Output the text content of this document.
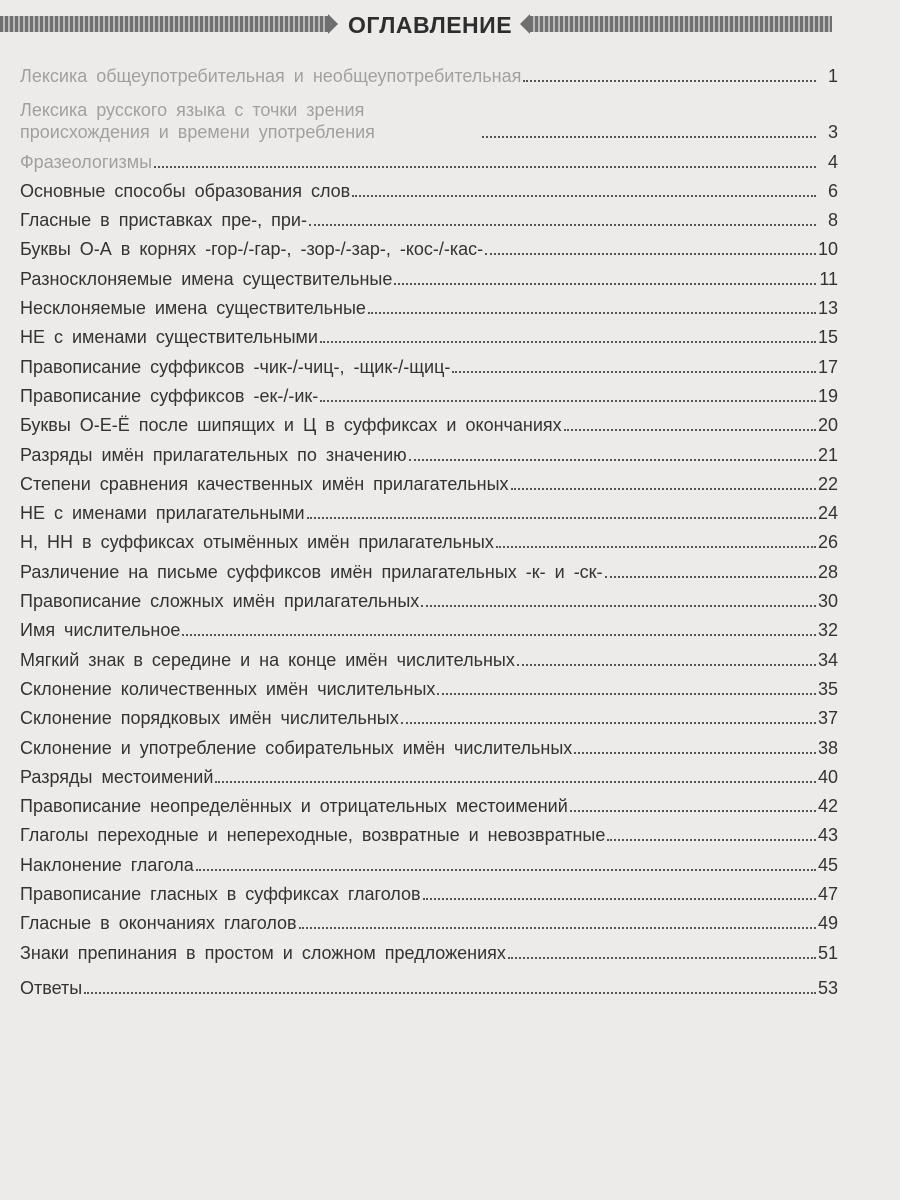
ОГЛАВЛЕНИЕ
Лексика общеупотребительная и необщеупотребительная	1
Лексика русского языка с точки зрения происхождения и времени употребления	3
Фразеологизмы	4
Основные способы образования слов	6
Гласные в приставках пре-, при-	8
Буквы О-А в корнях -гор-/-гар-, -зор-/-зар-, -кос-/-кас-	10
Разносклоняемые имена существительные	11
Несклоняемые имена существительные	13
НЕ с именами существительными	15
Правописание суффиксов -чик-/-чиц-, -щик-/-щиц-	17
Правописание суффиксов -ек-/-ик-	19
Буквы О-Е-Ё после шипящих и Ц в суффиксах и окончаниях	20
Разряды имён прилагательных по значению	21
Степени сравнения качественных имён прилагательных	22
НЕ с именами прилагательными	24
Н, НН в суффиксах отымённых имён прилагательных	26
Различение на письме суффиксов имён прилагательных -к- и -ск-	28
Правописание сложных имён прилагательных	30
Имя числительное	32
Мягкий знак в середине и на конце имён числительных	34
Склонение количественных имён числительных	35
Склонение порядковых имён числительных	37
Склонение и употребление собирательных имён числительных	38
Разряды местоимений	40
Правописание неопределённых и отрицательных местоимений	42
Глаголы переходные и непереходные, возвратные и невозвратные	43
Наклонение глагола	45
Правописание гласных в суффиксах глаголов	47
Гласные в окончаниях глаголов	49
Знаки препинания в простом и сложном предложениях	51
Ответы	53
